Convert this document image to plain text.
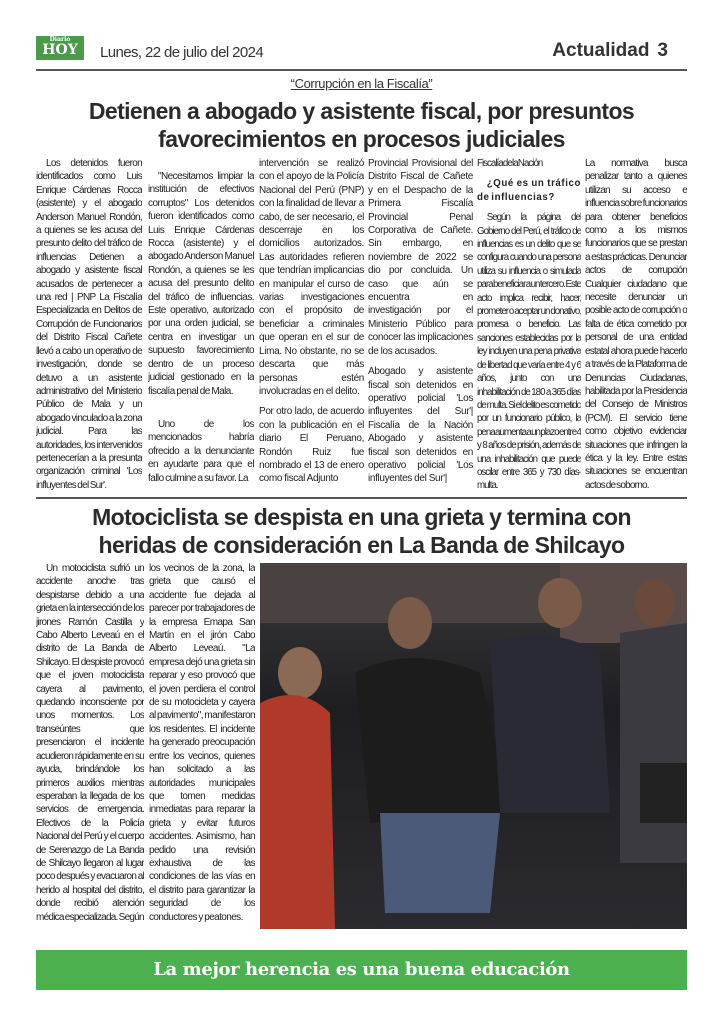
Diario
HOY	Lunes, 22 de julio del 2024	Actualidad 3
“Corrupción en la Fiscalía”
Detienen a abogado y asistente fiscal, por presuntos
favorecimientos en procesos judiciales

Los detenidos fueron identificados como Luis Enrique Cárdenas Rocca (asistente) y el abogado Anderson Manuel Rondón, a quienes se les acusa del presunto delito del tráfico de influencias Detienen a abogado y asistente fiscal acusados de pertenecer a una red | PNP La Fiscalía Especializada en Delitos de Corrupción de Funcionarios del Distrito Fiscal Cañete llevó a cabo un operativo de investigación, donde se detuvo a un asistente administrativo del Ministerio Público de Mala y un abogado vinculado a la zona judicial. Para las autoridades, los intervenidos pertenecerían a la presunta organización criminal 'Los influyentes del Sur'.

"Necesitamos limpiar la institución de efectivos corruptos" Los detenidos fueron identificados como Luis Enrique Cárdenas Rocca (asistente) y el abogado Anderson Manuel Rondón, a quienes se les acusa del presunto delito del tráfico de influencias. Este operativo, autorizado por una orden judicial, se centra en investigar un supuesto favorecimiento dentro de un proceso judicial gestionado en la fiscalía penal de Mala.

Uno de los mencionados habría ofrecido a la denunciante en ayudarte para que el fallo culmine a su favor. La

intervención se realizó con el apoyo de la Policía Nacional del Perú (PNP) con la finalidad de llevar a cabo, de ser necesario, el descerraje en los domicilios autorizados. Las autoridades refieren que tendrían implicancias en manipular el curso de varias investigaciones con el propósito de beneficiar a criminales que operan en el sur de Lima. No obstante, no se descarta que más personas estén involucradas en el delito.

Por otro lado, de acuerdo con la publicación en el diario El Peruano, Rondón Ruiz fue nombrado el 13 de enero como fiscal Adjunto

Provincial Provisional del Distrito Fiscal de Cañete y en el Despacho de la Primera Fiscalía Provincial Penal Corporativa de Cañete. Sin embargo, en noviembre de 2022 se dio por concluida. Un caso que aún se encuentra en investigación por el Ministerio Público para conocer las implicaciones de los acusados.

Abogado y asistente fiscal son detenidos en operativo policial 'Los influyentes del Sur'| Fiscalía de la Nación Abogado y asistente fiscal son detenidos en operativo policial 'Los influyentes del Sur'|

Fiscalía de la Nación

¿Qué es un tráfico de influencias?

Según la página del Gobierno del Perú, el tráfico de influencias es un delito que se configura cuando una persona utiliza su influencia o simulada para beneficiar a un tercero. Este acto implica recibir, hacer, prometer o aceptar un donativo, promesa o beneficio. Las sanciones establecidas por la ley incluyen una pena privativa de libertad que varía entre 4 y 6 años, junto con una inhabilitación de 180 a 365 días de multa. Si el delito es cometido por un funcionario público, la pena aumenta a un plazo entre 4 y 8 años de prisión, además de una inhabilitación que puede oscilar entre 365 y 730 días-multa.

La normativa busca penalizar tanto a quienes utilizan su acceso e influencia sobre funcionarios para obtener beneficios como a los mismos funcionarios que se prestan a estas prácticas. Denunciar actos de corrupción Cualquier ciudadano que necesite denunciar un posible acto de corrupción o falta de ética cometido por personal de una entidad estatal ahora puede hacerlo a través de la Plataforma de Denuncias Ciudadanas, habilitada por la Presidencia del Consejo de Ministros (PCM). El servicio tiene como objetivo evidenciar situaciones que infringen la ética y la ley. Entre estas situaciones se encuentran actos de soborno.

Motociclista se despista en una grieta y termina con
heridas de consideración en La Banda de Shilcayo

Un motociclista sufrió un accidente anoche tras despistarse debido a una grieta en la intersección de los jirones Ramón Castilla y Cabo Alberto Leveaú en el distrito de La Banda de Shilcayo. El despiste provocó que el joven motociclista cayera al pavimento, quedando inconsciente por unos momentos. Los transeúntes que presenciaron el incidente acudieron rápidamente en su ayuda, brindándole los primeros auxilios mientras esperaban la llegada de los servicios de emergencia. Efectivos de la Policía Nacional del Perú y el cuerpo de Serenazgo de La Banda de Shilcayo llegaron al lugar poco después y evacuaron al herido al hospital del distrito, donde recibió atención médica especializada. Según

los vecinos de la zona, la grieta que causó el accidente fue dejada al parecer por trabajadores de la empresa Emapa San Martín en el jirón Cabo Alberto Leveaú. "La empresa dejó una grieta sin reparar y eso provocó que el joven perdiera el control de su motocicleta y cayera al pavimento", manifestaron los residentes. El incidente ha generado preocupación entre los vecinos, quienes han solicitado a las autoridades municipales que tomen medidas inmediatas para reparar la grieta y evitar futuros accidentes. Asimismo, han pedido una revisión exhaustiva de las condiciones de las vías en el distrito para garantizar la seguridad de los conductores y peatones.

La mejor herencia es una buena educación
